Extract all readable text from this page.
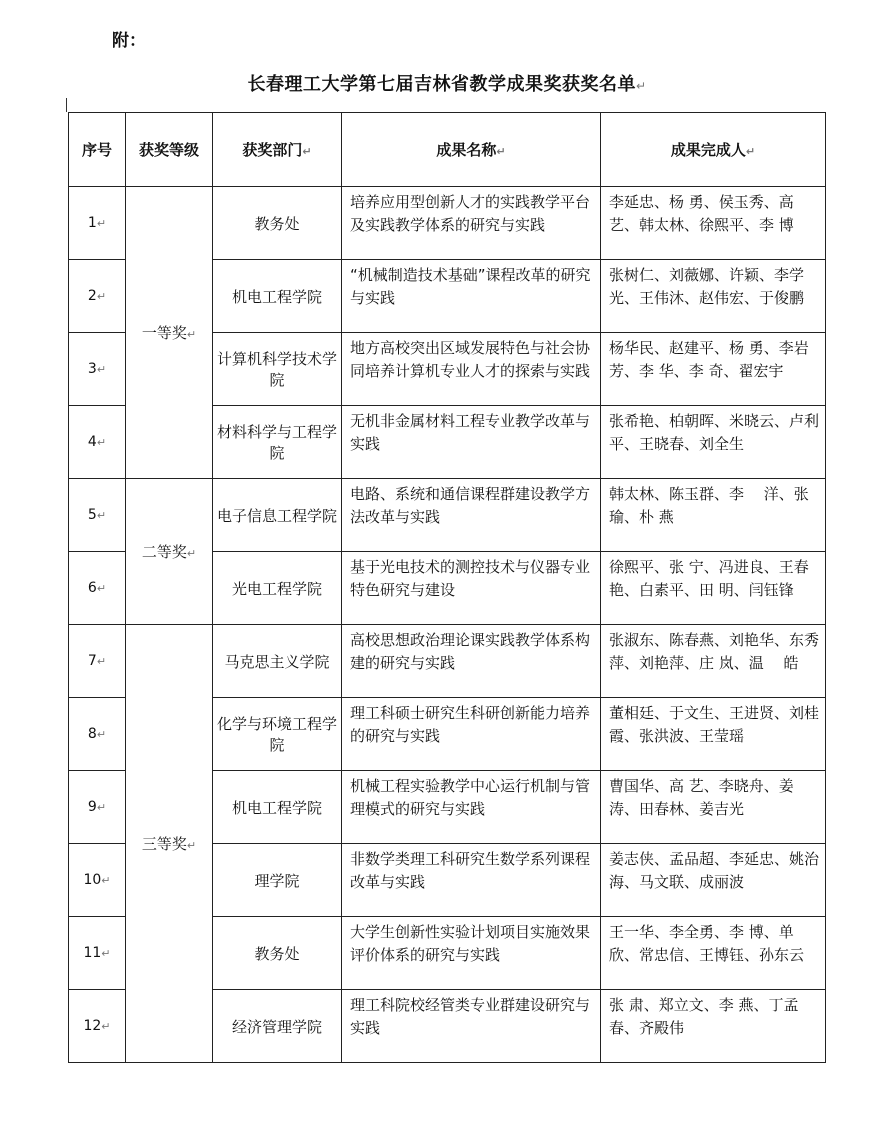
附：
长春理工大学第七届吉林省教学成果奖获奖名单↵
序号	获奖等级	获奖部门↵	成果名称↵	成果完成人↵
1↵	一等奖↵	教务处	培养应用型创新人才的实践教学平台及实践教学体系的研究与实践	李延忠、杨 勇、侯玉秀、高艺、韩太林、徐熙平、李 博
2↵		机电工程学院	“机械制造技术基础”课程改革的研究与实践	张树仁、刘薇娜、许颖、李学光、王伟沐、赵伟宏、于俊鹏
3↵		计算机科学技术学院	地方高校突出区域发展特色与社会协同培养计算机专业人才的探索与实践	杨华民、赵建平、杨 勇、李岩芳、李 华、李 奇、翟宏宇
4↵		材料科学与工程学院	无机非金属材料工程专业教学改革与实践	张希艳、柏朝晖、米晓云、卢利平、王晓春、刘全生
5↵	二等奖↵	电子信息工程学院	电路、系统和通信课程群建设教学方法改革与实践	韩太林、陈玉群、李　 洋、张 瑜、朴 燕
6↵		光电工程学院	基于光电技术的测控技术与仪器专业特色研究与建设	徐熙平、张 宁、冯进良、王春艳、白素平、田 明、闫钰锋
7↵	三等奖↵	马克思主义学院	高校思想政治理论课实践教学体系构建的研究与实践	张淑东、陈春燕、刘艳华、东秀萍、刘艳萍、庄 岚、温　 皓
8↵		化学与环境工程学院	理工科硕士研究生科研创新能力培养的研究与实践	董相廷、于文生、王进贤、刘桂霞、张洪波、王莹瑶
9↵		机电工程学院	机械工程实验教学中心运行机制与管理模式的研究与实践	曹国华、高 艺、李晓舟、姜　 涛、田春林、姜吉光
10↵		理学院	非数学类理工科研究生数学系列课程改革与实践	姜志侠、孟品超、李延忠、姚治海、马文联、成丽波
11↵		教务处	大学生创新性实验计划项目实施效果评价体系的研究与实践	王一华、李全勇、李 博、单　 欣、常忠信、王博钰、孙东云
12↵		经济管理学院	理工科院校经管类专业群建设研究与实践	张 肃、郑立文、李 燕、丁孟春、齐殿伟
